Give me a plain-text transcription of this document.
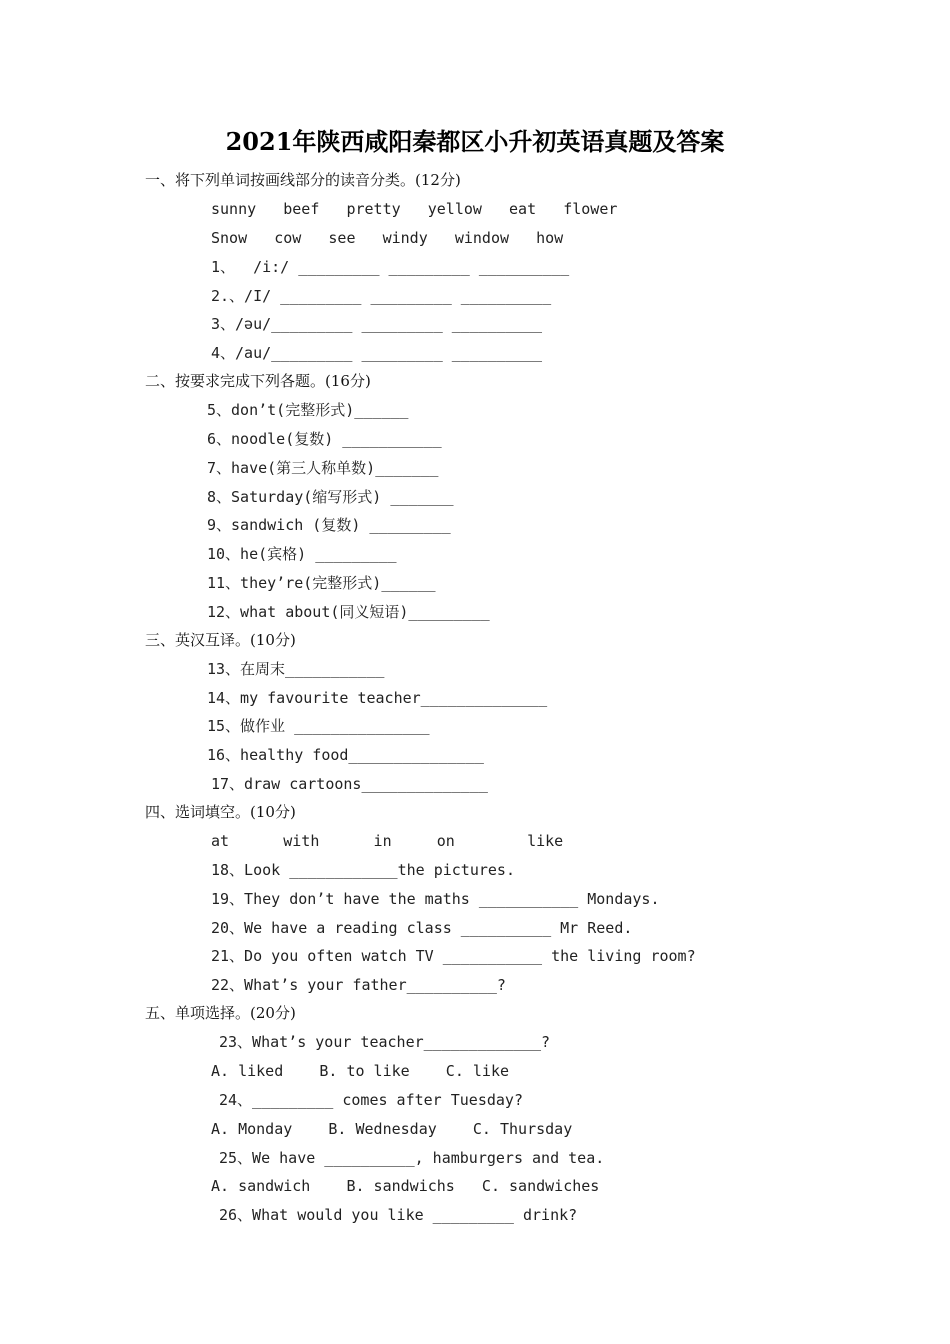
2021年陕西咸阳秦都区小升初英语真题及答案
一、将下列单词按画线部分的读音分类。(12分)
sunny   beef   pretty   yellow   eat   flower
Snow   cow   see   windy   window   how
1、  /i:/ _________ _________ __________
2.、/I/ _________ _________ __________
3、/əu/_________ _________ __________
4、/au/_________ _________ __________
二、按要求完成下列各题。(16分)
5、don’t(完整形式)______
6、noodle(复数) ___________
7、have(第三人称单数)_______
8、Saturday(缩写形式) _______
9、sandwich (复数) _________
10、he(宾格) _________
11、they’re(完整形式)______
12、what about(同义短语)_________
三、英汉互译。(10分)
13、在周末___________
14、my favourite teacher______________
15、做作业 _______________
16、healthy food_______________
17、draw cartoons______________
四、选词填空。(10分)
at      with      in     on        like
18、Look ____________the pictures.
19、They don’t have the maths ___________ Mondays.
20、We have a reading class __________ Mr Reed.
21、Do you often watch TV ___________ the living room?
22、What’s your father__________?
五、单项选择。(20分)
23、What’s your teacher_____________?
A. liked    B. to like    C. like
24、_________ comes after Tuesday?
A. Monday    B. Wednesday    C. Thursday
25、We have __________, hamburgers and tea.
A. sandwich    B. sandwichs   C. sandwiches
26、What would you like _________ drink?
